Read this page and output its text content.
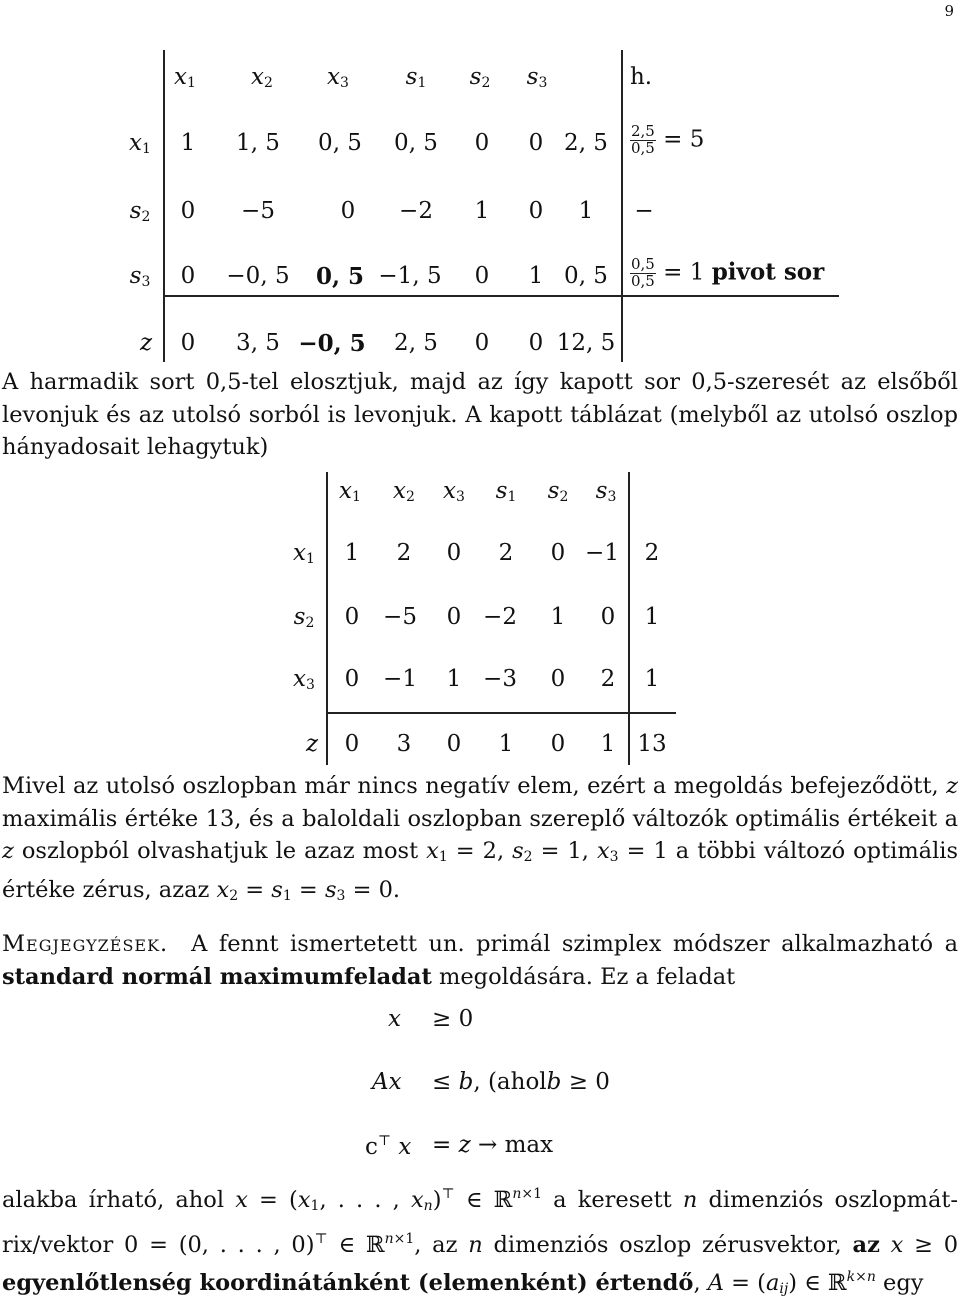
9
$x_1$ $x_2$ $x_3$ $s_1$ $s_2$ $s_3$	h.
$x_1$ 1 1, 5 0, 5 0, 5 0 0 2, $5 \frac{2,5}{0,5} = 5$
$s_2$ 0 −5	0 −2 1 0 1 −
$s_3$ 0 −0, 5 0, 5 −1, 5 0 1 0, $5 \frac{0,5}{0,5} = 1$ pivot sor
z 0 3, 5 −0, 5 2, 5 0 0 12, 5

A harmadik sort 0,5-tel elosztjuk, majd az így kapott sor 0,5-szeresét az elsőből levonjuk és az utolsó sorból is levonjuk. A kapott táblázat (melyből az utolsó oszlop hányadosait lehagytuk)

$x_1$ $x_2$ $x_3$ $s_1$ $s_2$ $s_3$
$x_1$ 1 2 0 2 0 −1 2
$s_2$ 0 −5 0 −2 1 0 1
$x_3$ 0 −1 1 −3 0 2 1
z 0 3 0 1 0 1 13

Mivel az utolsó oszlopban már nincs negatív elem, ezért a megoldás befejeződött, z maximális értéke 13, és a baloldali oszlopban szereplő változók optimális értékeit a z oszlopból olvashatjuk le azaz most $x_1 = 2$, $s_2 = 1$, $x_3 = 1$ a többi változó optimális értéke zérus, azaz $x_2 = s_1 = s_3 = 0$.

Megjegyzések. A fennt ismertetett un. primál szimplex módszer alkalmazható a standard normál maximumfeladat megoldására. Ez a feladat

x ≥ 0
Ax ≤ b, (aholb ≥ 0
c⊤ x = z → max

alakba írható, ahol $x = (x_1$, . . . , $x_n)^⊤$ ∈ ℝ$^{n\times 1}$ a keresett n dimenziós oszlopmát-rix/vektor 0 = (0, . . . , 0)⊤ ∈ ℝ$^{n\times 1}$, az n dimenziós oszlop zérusvektor, az x ≥ 0 egyenlőtlenség koordinátánként (elemenként) értendő, $A = (a_{ij})$ ∈ ℝ$^{k\times n}$ egy
